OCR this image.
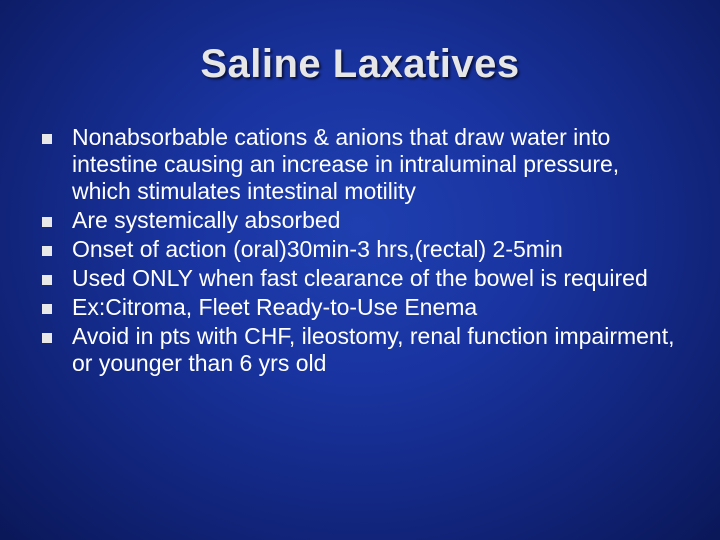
Saline Laxatives
Nonabsorbable cations & anions that draw water into intestine causing an increase in intraluminal pressure, which stimulates intestinal motility
Are systemically absorbed
Onset of action (oral)30min-3 hrs,(rectal) 2-5min
Used ONLY when fast clearance of the bowel is required
Ex:Citroma, Fleet Ready-to-Use Enema
Avoid in pts with CHF, ileostomy, renal function impairment, or younger than 6 yrs old
